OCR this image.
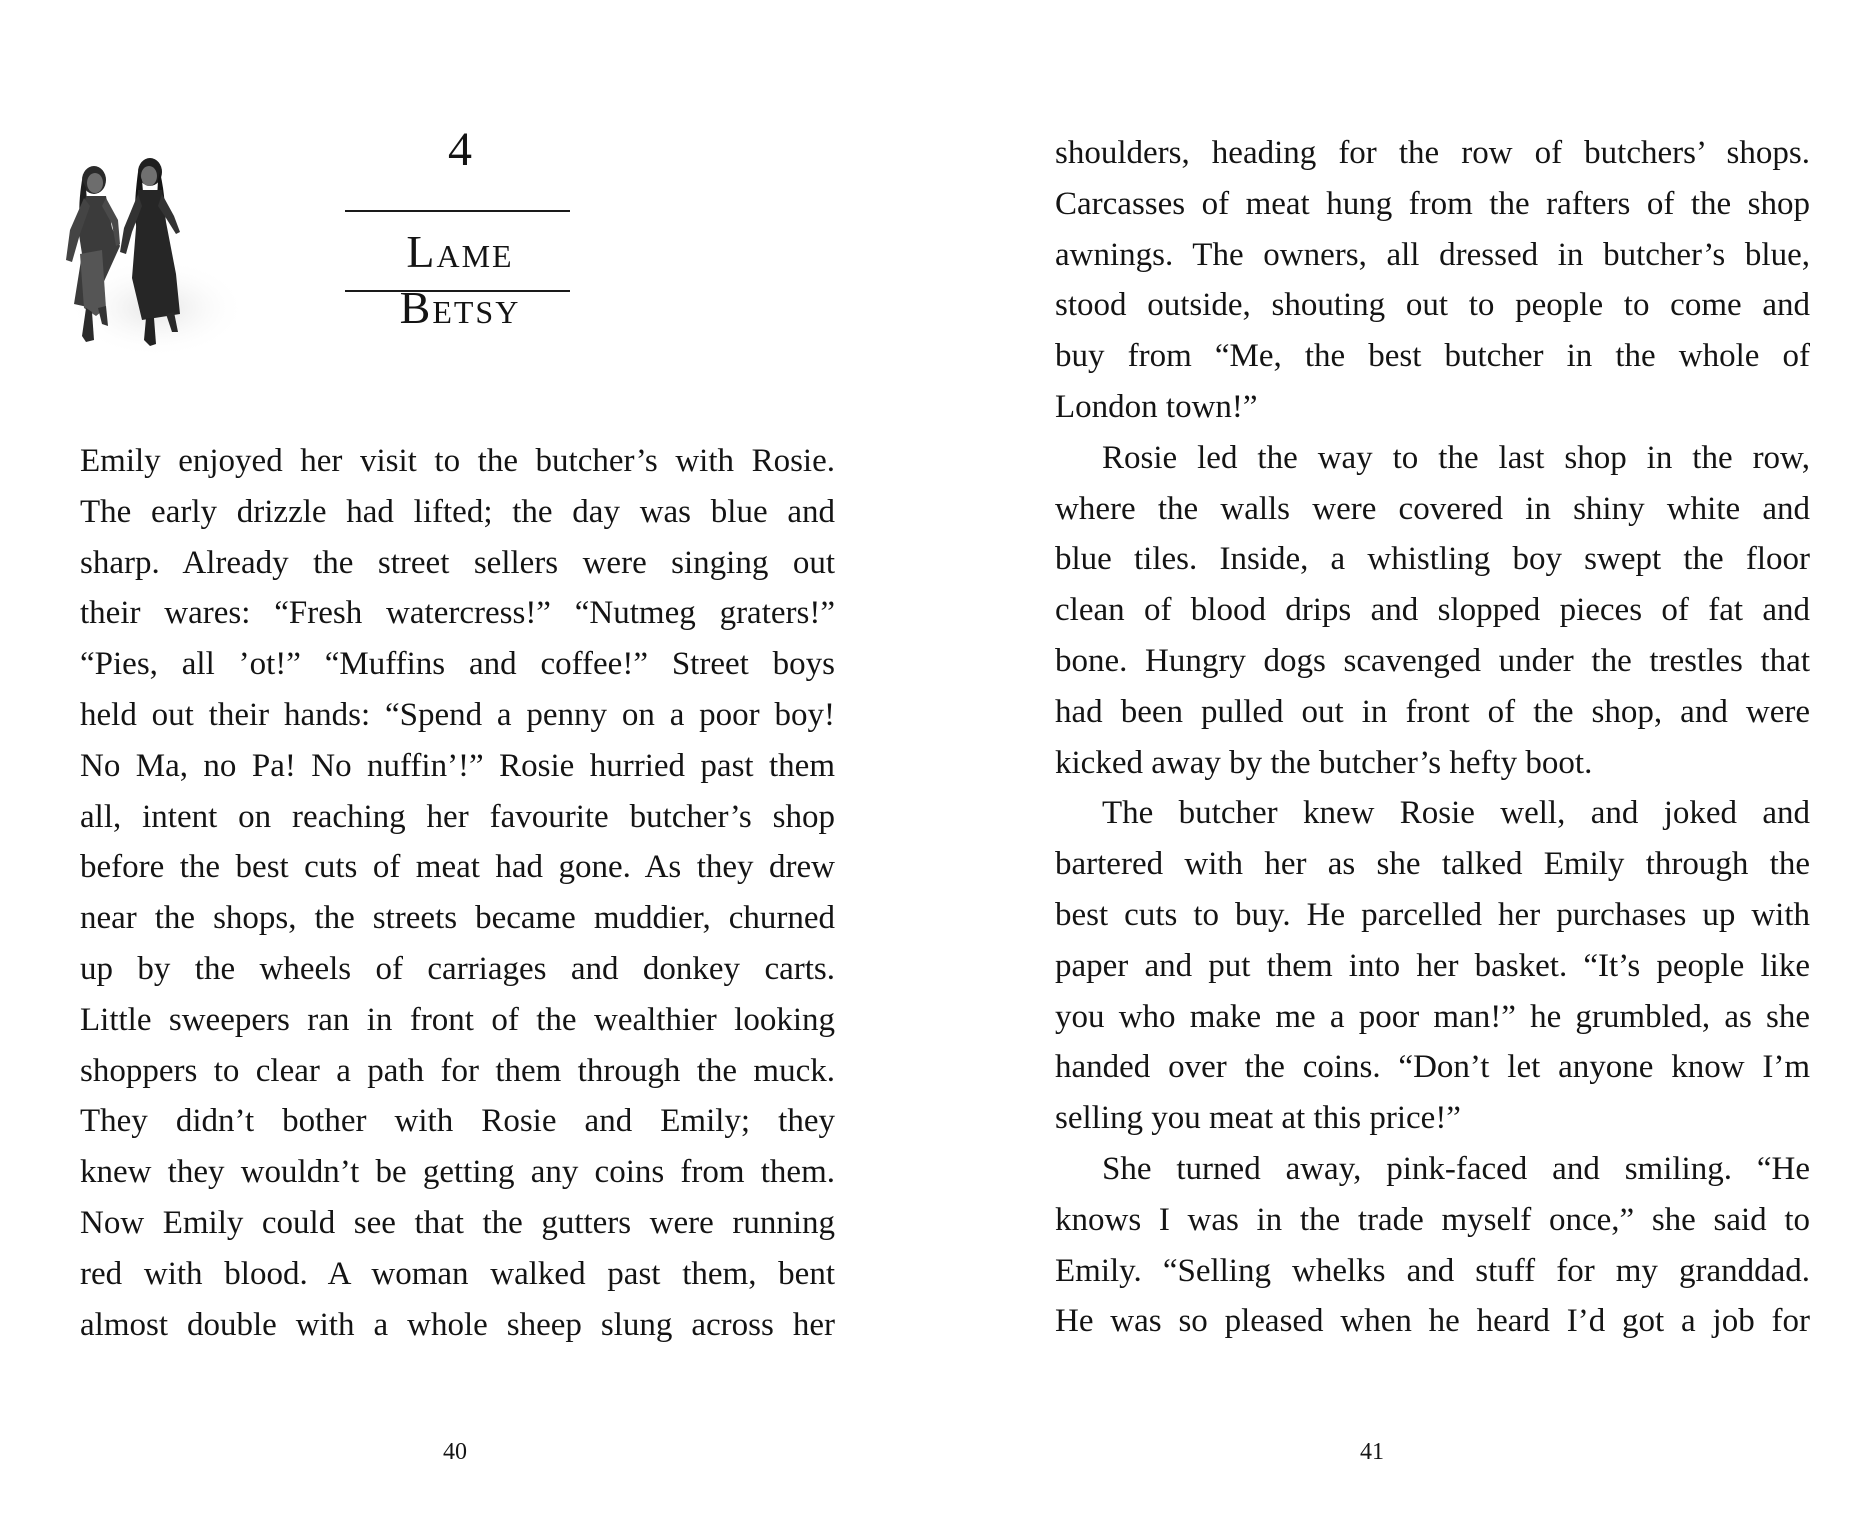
4
Lame Betsy
Emily enjoyed her visit to the butcher’s with Rosie.
The early drizzle had lifted; the day was blue and
sharp. Already the street sellers were singing out
their wares: “Fresh watercress!” “Nutmeg graters!”
“Pies, all ’ot!” “Muffins and coffee!” Street boys
held out their hands: “Spend a penny on a poor boy!
No Ma, no Pa! No nuffin’!” Rosie hurried past them
all, intent on reaching her favourite butcher’s shop
before the best cuts of meat had gone. As they drew
near the shops, the streets became muddier, churned
up by the wheels of carriages and donkey carts.
Little sweepers ran in front of the wealthier looking
shoppers to clear a path for them through the muck.
They didn’t bother with Rosie and Emily; they
knew they wouldn’t be getting any coins from them.
Now Emily could see that the gutters were running
red with blood. A woman walked past them, bent
almost double with a whole sheep slung across her
40
shoulders, heading for the row of butchers’ shops.
Carcasses of meat hung from the rafters of the shop
awnings. The owners, all dressed in butcher’s blue,
stood outside, shouting out to people to come and
buy from “Me, the best butcher in the whole of
London town!”
Rosie led the way to the last shop in the row,
where the walls were covered in shiny white and
blue tiles. Inside, a whistling boy swept the floor
clean of blood drips and slopped pieces of fat and
bone. Hungry dogs scavenged under the trestles that
had been pulled out in front of the shop, and were
kicked away by the butcher’s hefty boot.
The butcher knew Rosie well, and joked and
bartered with her as she talked Emily through the
best cuts to buy. He parcelled her purchases up with
paper and put them into her basket. “It’s people like
you who make me a poor man!” he grumbled, as she
handed over the coins. “Don’t let anyone know I’m
selling you meat at this price!”
She turned away, pink-faced and smiling. “He
knows I was in the trade myself once,” she said to
Emily. “Selling whelks and stuff for my granddad.
He was so pleased when he heard I’d got a job for
41
